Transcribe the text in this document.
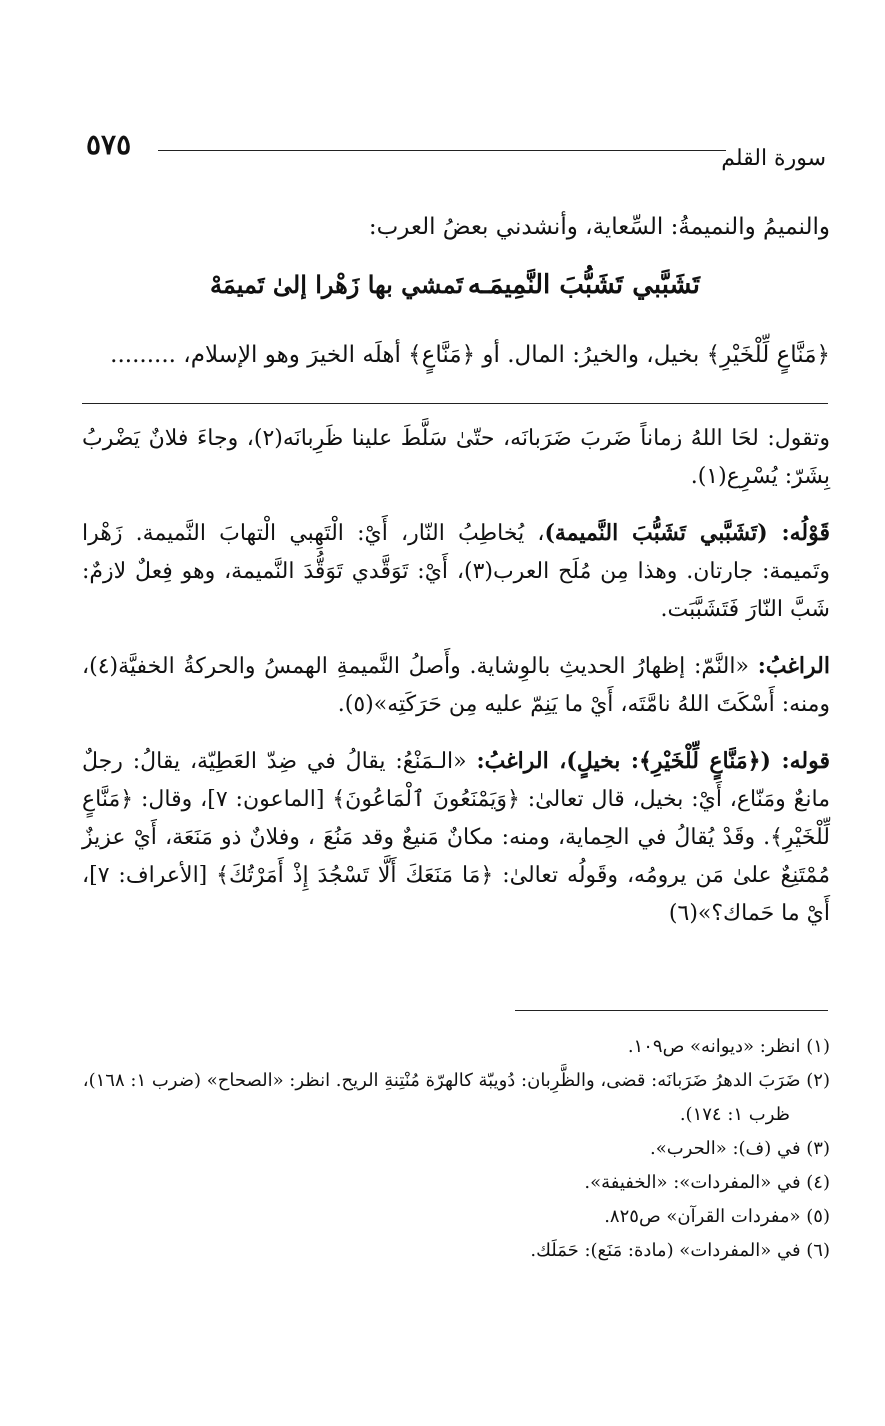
٥٧٥	سورة القلم
والنميمُ والنميمةُ: السِّعاية، وأنشدني بعضُ العرب:
تَشَبَّبي تَشَبُّبَ النَّمِيمَـه
تَمشي بها زَهْرا إلىٰ تَميمَهْ
﴿مَنَّاعٍ لِّلْخَيْرِ﴾ بخيل، والخيرُ: المال. أو ﴿مَنَّاعٍ﴾ أهلَه الخيرَ وهو الإسلام، .........

وتقول: لحَا اللهُ زماناً ضَربَ ضَرَبانَه، حتّىٰ سَلَّطَ علينا ظَرِبانَه(٢)، وجاءَ فلانٌ يَضْربُ بِشَرّ: يُسْرِع(١).

قَوْلُه: (تَشَبَّبي تَشَبُّبَ النَّميمة)، يُخاطِبُ النّار، أَيْ: الْتَهِبي الْتهابَ النَّميمة. زَهْرا وتَميمة: جارتان. وهذا مِن مُلَح العرب(٣)، أَيْ: تَوَقَّدي تَوَقُّدَ النَّميمة، وهو فِعلٌ لازمٌ: شَبَّ النّارَ فَتَشَبَّبَت.

الراغبُ: «النَّمّ: إظهارُ الحديثِ بالوِشاية. وأَصلُ النَّميمةِ الهمسُ والحركةُ الخفيَّة(٤)، ومنه: أَسْكَتَ اللهُ نامَّتَه، أَيْ ما يَنِمّ عليه مِن حَرَكَتِه»(٥).

قوله: (﴿مَنَّاعٍ لِّلْخَيْرِ﴾: بخيلٍ)، الراغبُ: «الـمَنْعُ: يقالُ في ضِدّ العَطِيّة، يقالُ: رجلٌ مانعٌ ومَنّاع، أَيْ: بخيل، قال تعالىٰ: ﴿وَيَمْنَعُونَ ٱلْمَاعُونَ﴾ [الماعون: ٧]، وقال: ﴿مَنَّاعٍ لِّلْخَيْرِ﴾. وقَدْ يُقالُ في الحِماية، ومنه: مكانٌ مَنيعٌ وقد مَنُعَ ، وفلانٌ ذو مَنَعَة، أَيْ عزيزٌ مُمْتَنِعٌ علىٰ مَن يرومُه، وقَولُه تعالىٰ: ﴿مَا مَنَعَكَ أَلَّا تَسْجُدَ إِذْ أَمَرْتُكَ﴾ [الأعراف: ٧]، أَيْ ما حَماك؟»(٦)

(١) انظر: «ديوانه» ص١٠٩.
(٢) ضَرَبَ الدهرُ ضَرَبانَه: قضى، والظَّرِبان: دُويبّة كالهرّة مُنْتِنةِ الريح. انظر: «الصحاح» (ضرب ١: ١٦٨)،
ظرب ١: ١٧٤).
(٣) في (ف): «الحرب».
(٤) في «المفردات»: «الخفيفة».
(٥) «مفردات القرآن» ص٨٢٥.
(٦) في «المفردات» (مادة: مَنَع): حَمَلَك.
